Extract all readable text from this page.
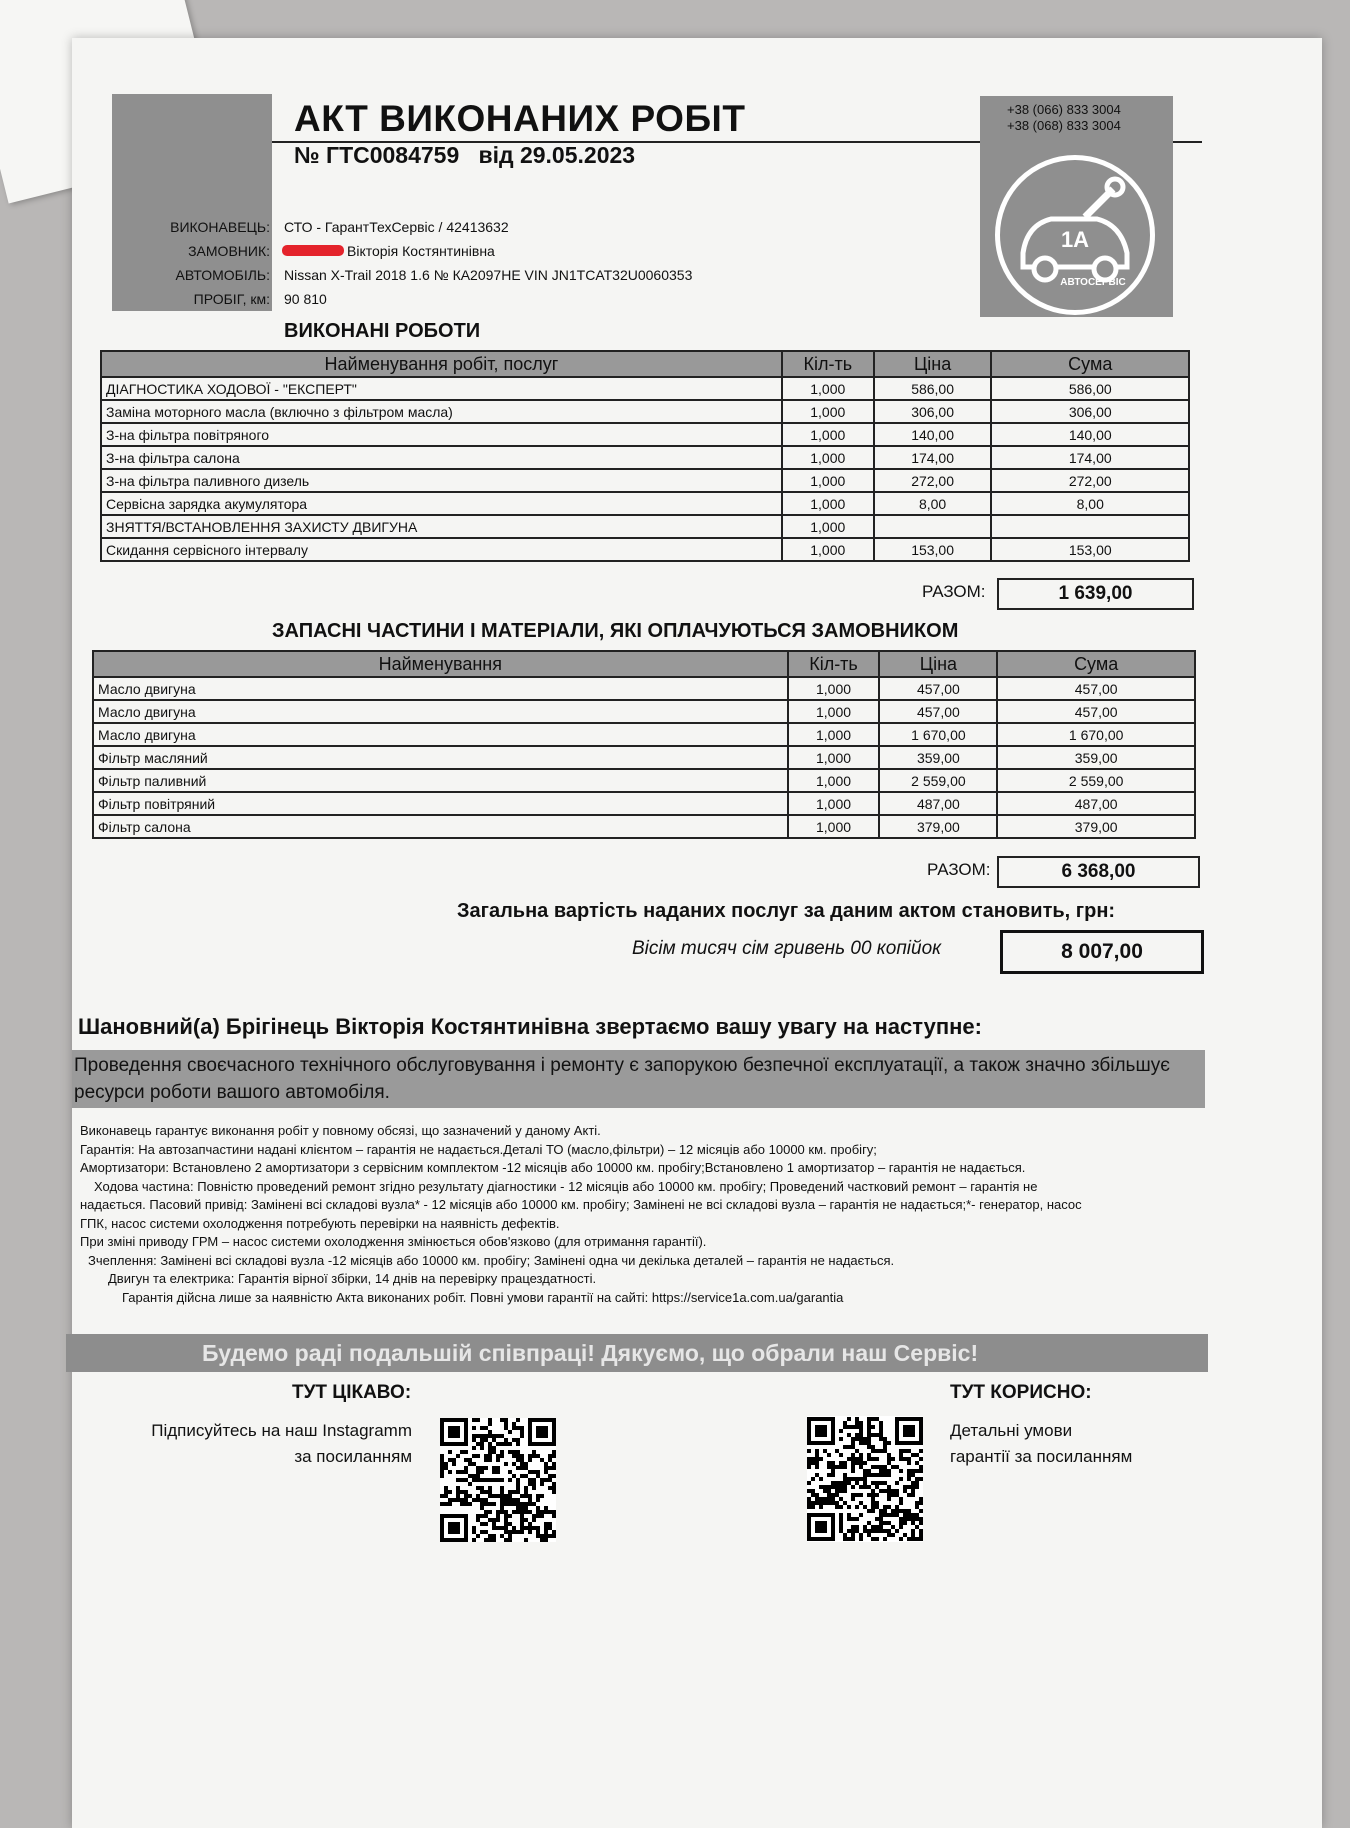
АКТ ВИКОНАНИХ РОБІТ
№ ГТС0084759   від 29.05.2023
+38 (066) 833 3004
+38 (068) 833 3004
1A
АВТОСЕРВІС
ВИКОНАВЕЦЬ: СТО - ГарантТехСервіс / 42413632
ЗАМОВНИК:	Вікторія Костянтинівна
АВТОМОБІЛЬ: Nissan X-Trail 2018 1.6 № КА2097НЕ VIN JN1TCAT32U0060353
ПРОБІГ, км: 90 810
ВИКОНАНІ РОБОТИ
Найменування робіт, послуг	Кіл-ть	Ціна	Сума
ДІАГНОСТИКА ХОДОВОЇ - "ЕКСПЕРТ"	1,000	586,00	586,00
Заміна моторного масла (включно з фільтром масла)	1,000	306,00	306,00
З-на фільтра повітряного	1,000	140,00	140,00
З-на фільтра салона	1,000	174,00	174,00
З-на фільтра паливного дизель	1,000	272,00	272,00
Сервісна зарядка акумулятора	1,000	8,00	8,00
ЗНЯТТЯ/ВСТАНОВЛЕННЯ ЗАХИСТУ ДВИГУНА	1,000		
Скидання сервісного інтервалу	1,000	153,00	153,00
РАЗОМ:	1 639,00
ЗАПАСНІ ЧАСТИНИ І МАТЕРІАЛИ, ЯКІ ОПЛАЧУЮТЬСЯ ЗАМОВНИКОМ
Найменування	Кіл-ть	Ціна	Сума
Масло двигуна	1,000	457,00	457,00
Масло двигуна	1,000	457,00	457,00
Масло двигуна	1,000	1 670,00	1 670,00
Фільтр масляний	1,000	359,00	359,00
Фільтр паливний	1,000	2 559,00	2 559,00
Фільтр повітряний	1,000	487,00	487,00
Фільтр салона	1,000	379,00	379,00
РАЗОМ:	6 368,00
Загальна вартість наданих послуг за даним актом становить, грн:
Вісім тисяч сім гривень 00 копійок	8 007,00
Шановний(а) Брігінець Вікторія Костянтинівна звертаємо вашу увагу на наступне:
Проведення своєчасного технічного обслуговування і ремонту є запорукою безпечної експлуатації, а також значно збільшує ресурси роботи вашого автомобіля.
Виконавець гарантує виконання робіт у повному обсязі, що зазначений у даному Акті.
Гарантія: На автозапчастини надані клієнтом – гарантія не надається.Деталі ТО (масло,фільтри) – 12 місяців або 10000 км. пробігу;
Амортизатори: Встановлено 2 амортизатори з сервісним комплектом -12 місяців або 10000 км. пробігу;Встановлено 1 амортизатор – гарантія не надається.
Ходова частина: Повністю проведений ремонт згідно результату діагностики - 12 місяців або 10000 км. пробігу; Проведений частковий ремонт – гарантія не
надається. Пасовий привід: Замінені всі складові вузла* - 12 місяців або 10000 км. пробігу; Замінені не всі складові вузла – гарантія не надається;*- генератор, насос
ГПК, насос системи охолодження потребують перевірки на наявність дефектів.
При зміні приводу ГРМ – насос системи охолодження змінюється обов'язково (для отримання гарантії).
Зчеплення: Замінені всі складові вузла -12 місяців або 10000 км. пробігу; Замінені одна чи декілька деталей – гарантія не надається.
Двигун та електрика: Гарантія вірної збірки, 14 днів на перевірку працездатності.
Гарантія дійсна лише за наявністю Акта виконаних робіт. Повні умови гарантії на сайті: https://service1a.com.ua/garantia
Будемо раді подальшій співпраці! Дякуємо, що обрали наш Сервіс!
ТУТ ЦІКАВО:
Підписуйтесь на наш Instagramm
за посиланням
ТУТ КОРИСНО:
Детальні умови
гарантії за посиланням
